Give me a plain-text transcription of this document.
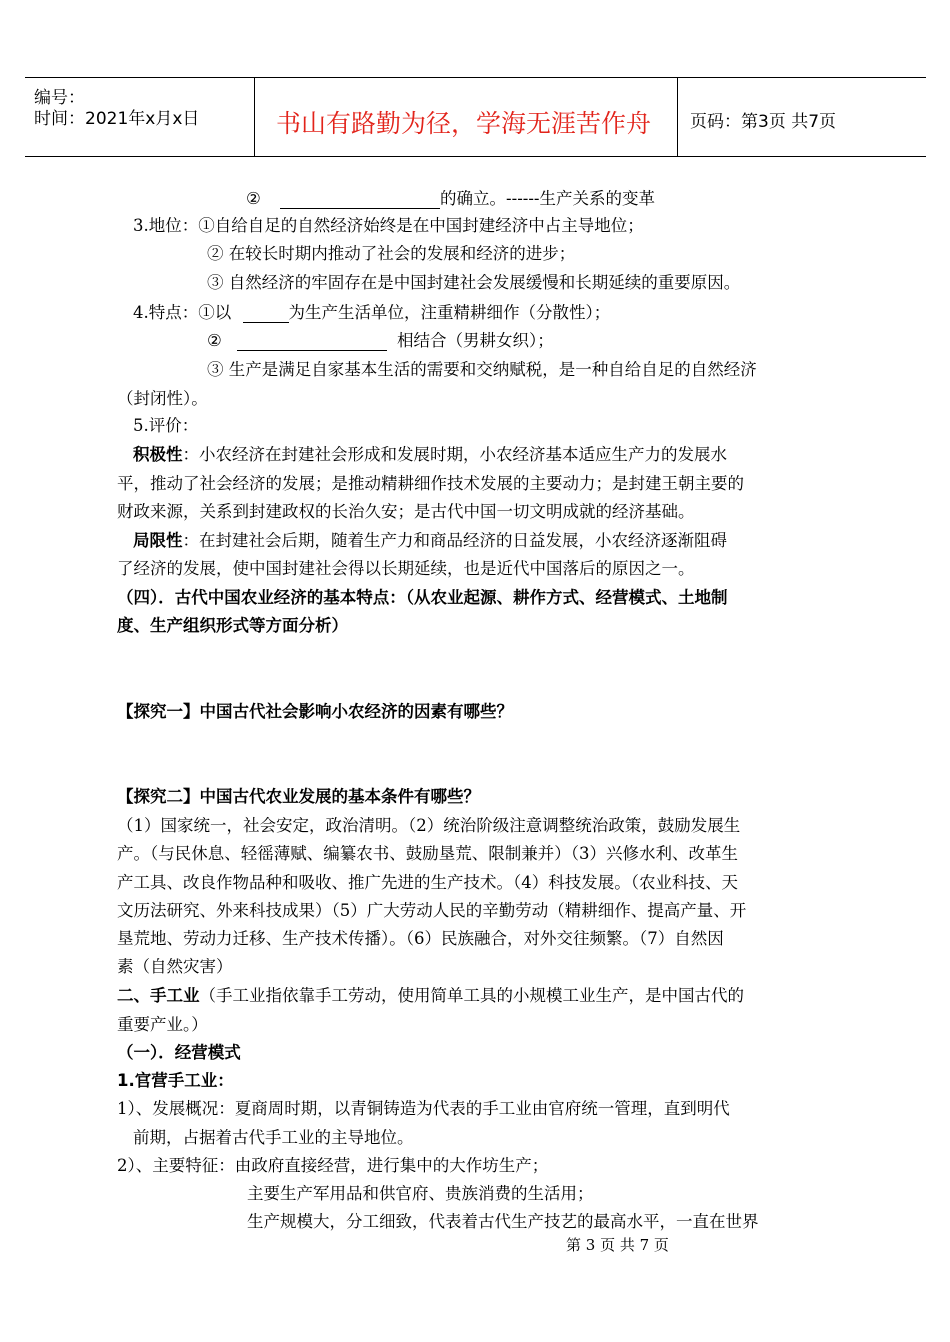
编号：
时间：2021年x月x日	书山有路勤为径，学海无涯苦作舟 页码：第3页 共7页
②	的确立。------生产关系的变革
3.地位：①自给自足的自然经济始终是在中国封建经济中占主导地位；
② 在较长时期内推动了社会的发展和经济的进步；
③ 自然经济的牢固存在是中国封建社会发展缓慢和长期延续的重要原因。
4.特点：①以	为生产生活单位，注重精耕细作（分散性）；
②	相结合（男耕女织）；
③ 生产是满足自家基本生活的需要和交纳赋税，是一种自给自足的自然经济
（封闭性）。
5.评价：
积极性：小农经济在封建社会形成和发展时期，小农经济基本适应生产力的发展水
平，推动了社会经济的发展；是推动精耕细作技术发展的主要动力；是封建王朝主要的
财政来源，关系到封建政权的长治久安；是古代中国一切文明成就的经济基础。
局限性：在封建社会后期，随着生产力和商品经济的日益发展，小农经济逐渐阻碍
了经济的发展，使中国封建社会得以长期延续，也是近代中国落后的原因之一。
（四）．古代中国农业经济的基本特点：（从农业起源、耕作方式、经营模式、土地制
度、生产组织形式等方面分析）
【探究一】中国古代社会影响小农经济的因素有哪些？
【探究二】中国古代农业发展的基本条件有哪些？
（1）国家统一，社会安定，政治清明。（2）统治阶级注意调整统治政策，鼓励发展生
产。（与民休息、轻徭薄赋、编纂农书、鼓励垦荒、限制兼并）（3）兴修水利、改革生
产工具、改良作物品种和吸收、推广先进的生产技术。（4）科技发展。（农业科技、天
文历法研究、外来科技成果）（5）广大劳动人民的辛勤劳动（精耕细作、提高产量、开
垦荒地、劳动力迁移、生产技术传播）。（6）民族融合，对外交往频繁。（7）自然因
素（自然灾害）
二、手工业（手工业指依靠手工劳动，使用简单工具的小规模工业生产，是中国古代的
重要产业。）
（一）．经营模式
1.官营手工业：
1）、发展概况：夏商周时期，以青铜铸造为代表的手工业由官府统一管理，直到明代
前期，占据着古代手工业的主导地位。
2）、主要特征：由政府直接经营，进行集中的大作坊生产；
主要生产军用品和供官府、贵族消费的生活用；
生产规模大，分工细致，代表着古代生产技艺的最高水平，一直在世界
第 3 页 共 7 页
